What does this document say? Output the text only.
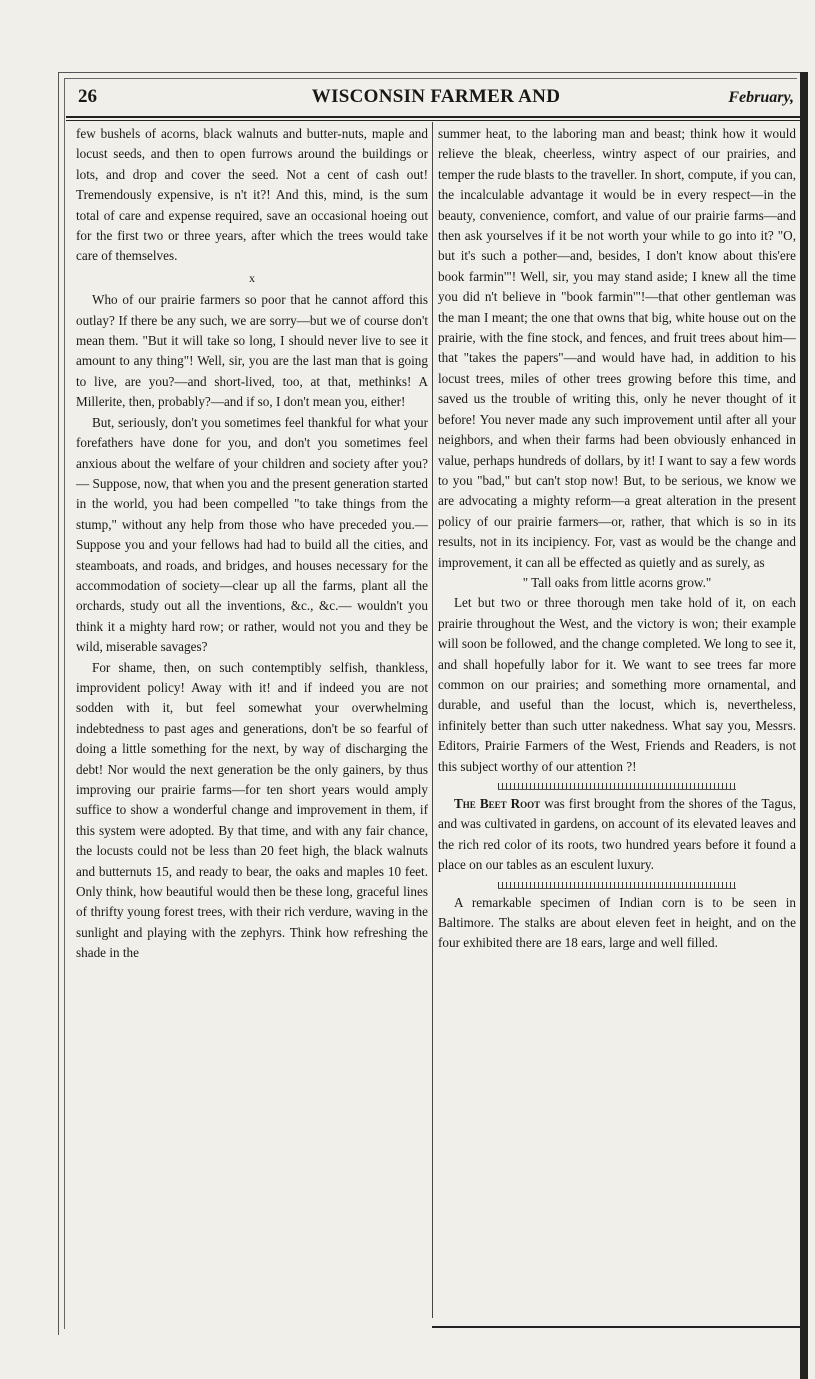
26	WISCONSIN FARMER AND	February,

few bushels of acorns, black walnuts and butter-nuts, maple and locust seeds, and then to open furrows around the buildings or lots, and drop and cover the seed. Not a cent of cash out! Tremendously expensive, is n't it?! And this, mind, is the sum total of care and expense required, save an occasional hoeing out for the first two or three years, after which the trees would take care of themselves.

x

Who of our prairie farmers so poor that he cannot afford this outlay? If there be any such, we are sorry—but we of course don't mean them. "But it will take so long, I should never live to see it amount to any thing"! Well, sir, you are the last man that is going to live, are you?—and short-lived, too, at that, methinks! A Millerite, then, probably?—and if so, I don't mean you, either!

But, seriously, don't you sometimes feel thankful for what your forefathers have done for you, and don't you sometimes feel anxious about the welfare of your children and society after you?— Suppose, now, that when you and the present generation started in the world, you had been compelled "to take things from the stump," without any help from those who have preceded you.— Suppose you and your fellows had had to build all the cities, and steamboats, and roads, and bridges, and houses necessary for the accommodation of society—clear up all the farms, plant all the orchards, study out all the inventions, &c., &c.— wouldn't you think it a mighty hard row; or rather, would not you and they be wild, miserable savages?

For shame, then, on such contemptibly selfish, thankless, improvident policy! Away with it! and if indeed you are not sodden with it, but feel somewhat your overwhelming indebtedness to past ages and generations, don't be so fearful of doing a little something for the next, by way of discharging the debt! Nor would the next generation be the only gainers, by thus improving our prairie farms—for ten short years would amply suffice to show a wonderful change and improvement in them, if this system were adopted. By that time, and with any fair chance, the locusts could not be less than 20 feet high, the black walnuts and butternuts 15, and ready to bear, the oaks and maples 10 feet. Only think, how beautiful would then be these long, graceful lines of thrifty young forest trees, with their rich verdure, waving in the sunlight and playing with the zephyrs. Think how refreshing the shade in the

summer heat, to the laboring man and beast; think how it would relieve the bleak, cheerless, wintry aspect of our prairies, and temper the rude blasts to the traveller. In short, compute, if you can, the incalculable advantage it would be in every respect—in the beauty, convenience, comfort, and value of our prairie farms—and then ask yourselves if it be not worth your while to go into it? "O, but it's such a pother—and, besides, I don't know about this'ere book farmin'"! Well, sir, you may stand aside; I knew all the time you did n't believe in "book farmin'"!—that other gentleman was the man I meant; the one that owns that big, white house out on the prairie, with the fine stock, and fences, and fruit trees about him—that "takes the papers"—and would have had, in addition to his locust trees, miles of other trees growing before this time, and saved us the trouble of writing this, only he never thought of it before! You never made any such improvement until after all your neighbors, and when their farms had been obviously enhanced in value, perhaps hundreds of dollars, by it! I want to say a few words to you "bad," but can't stop now! But, to be serious, we know we are advocating a mighty reform—a great alteration in the present policy of our prairie farmers—or, rather, that which is so in its results, not in its incipiency. For, vast as would be the change and improvement, it can all be effected as quietly and as surely, as

" Tall oaks from little acorns grow."

Let but two or three thorough men take hold of it, on each prairie throughout the West, and the victory is won; their example will soon be followed, and the change completed. We long to see it, and shall hopefully labor for it. We want to see trees far more common on our prairies; and something more ornamental, and durable, and useful than the locust, which is, nevertheless, infinitely better than such utter nakedness. What say you, Messrs. Editors, Prairie Farmers of the West, Friends and Readers, is not this subject worthy of our attention ?!

The Beet Root was first brought from the shores of the Tagus, and was cultivated in gardens, on account of its elevated leaves and the rich red color of its roots, two hundred years before it found a place on our tables as an esculent luxury.

A remarkable specimen of Indian corn is to be seen in Baltimore. The stalks are about eleven feet in height, and on the four exhibited there are 18 ears, large and well filled.
